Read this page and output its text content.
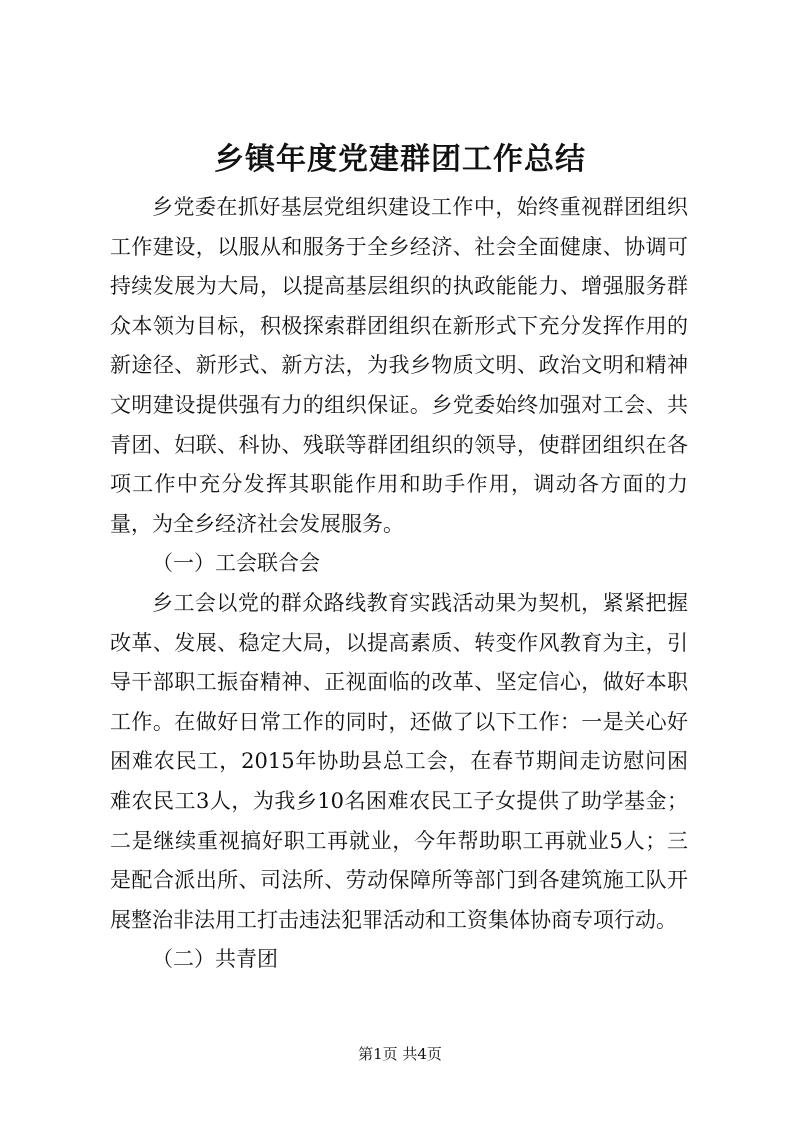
乡镇年度党建群团工作总结

乡党委在抓好基层党组织建设工作中，始终重视群团组织工作建设，以服从和服务于全乡经济、社会全面健康、协调可持续发展为大局，以提高基层组织的执政能能力、增强服务群众本领为目标，积极探索群团组织在新形式下充分发挥作用的新途径、新形式、新方法，为我乡物质文明、政治文明和精神文明建设提供强有力的组织保证。乡党委始终加强对工会、共青团、妇联、科协、残联等群团组织的领导，使群团组织在各项工作中充分发挥其职能作用和助手作用，调动各方面的力量，为全乡经济社会发展服务。

（一）工会联合会

乡工会以党的群众路线教育实践活动果为契机，紧紧把握改革、发展、稳定大局，以提高素质、转变作风教育为主，引导干部职工振奋精神、正视面临的改革、坚定信心，做好本职工作。在做好日常工作的同时，还做了以下工作：一是关心好困难农民工，2015年协助县总工会，在春节期间走访慰问困难农民工3人，为我乡10名困难农民工子女提供了助学基金；二是继续重视搞好职工再就业，今年帮助职工再就业5人；三是配合派出所、司法所、劳动保障所等部门到各建筑施工队开展整治非法用工打击违法犯罪活动和工资集体协商专项行动。

（二）共青团

第1页 共4页
